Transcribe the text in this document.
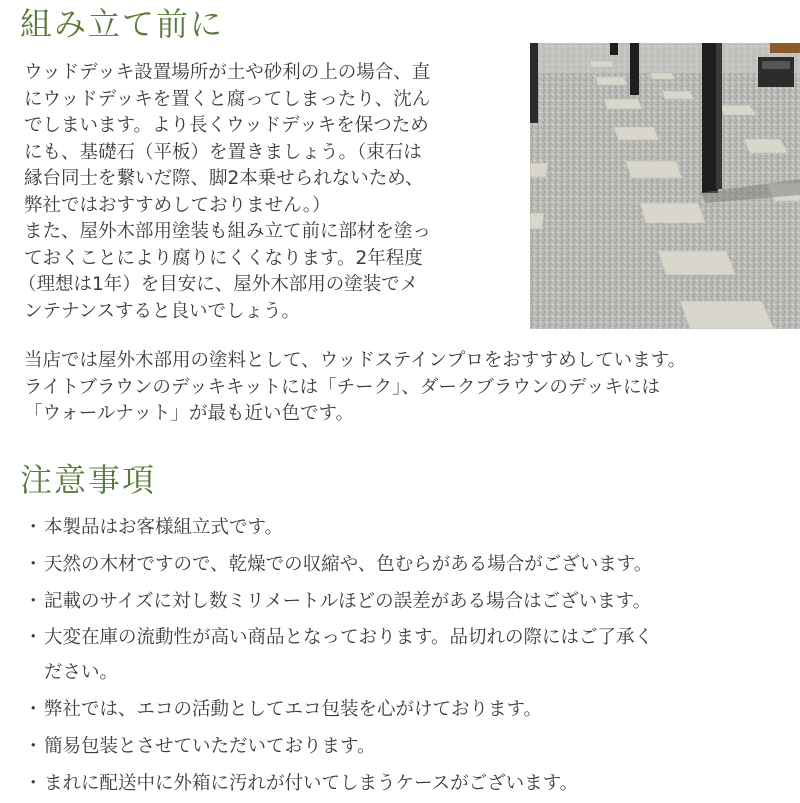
組み立て前に
ウッドデッキ設置場所が土や砂利の上の場合、直
にウッドデッキを置くと腐ってしまったり、沈ん
でしまいます。より長くウッドデッキを保つため
にも、基礎石（平板）を置きましょう。（束石は
縁台同士を繋いだ際、脚2本乗せられないため、
弊社ではおすすめしておりません。）
また、屋外木部用塗装も組み立て前に部材を塗っ
ておくことにより腐りにくくなります。2年程度
（理想は1年）を目安に、屋外木部用の塗装でメ
ンテナンスすると良いでしょう。
当店では屋外木部用の塗料として、ウッドステインプロをおすすめしています。
ライトブラウンのデッキキットには「チーク」、ダークブラウンのデッキには
「ウォールナット」が最も近い色です。
注意事項
・ 本製品はお客様組立式です。
・ 天然の木材ですので、乾燥での収縮や、色むらがある場合がございます。
・ 記載のサイズに対し数ミリメートルほどの誤差がある場合はございます。
・ 大変在庫の流動性が高い商品となっております。品切れの際にはご了承く
ださい。
・ 弊社では、エコの活動としてエコ包装を心がけております。
・ 簡易包装とさせていただいております。
・ まれに配送中に外箱に汚れが付いてしまうケースがございます。
